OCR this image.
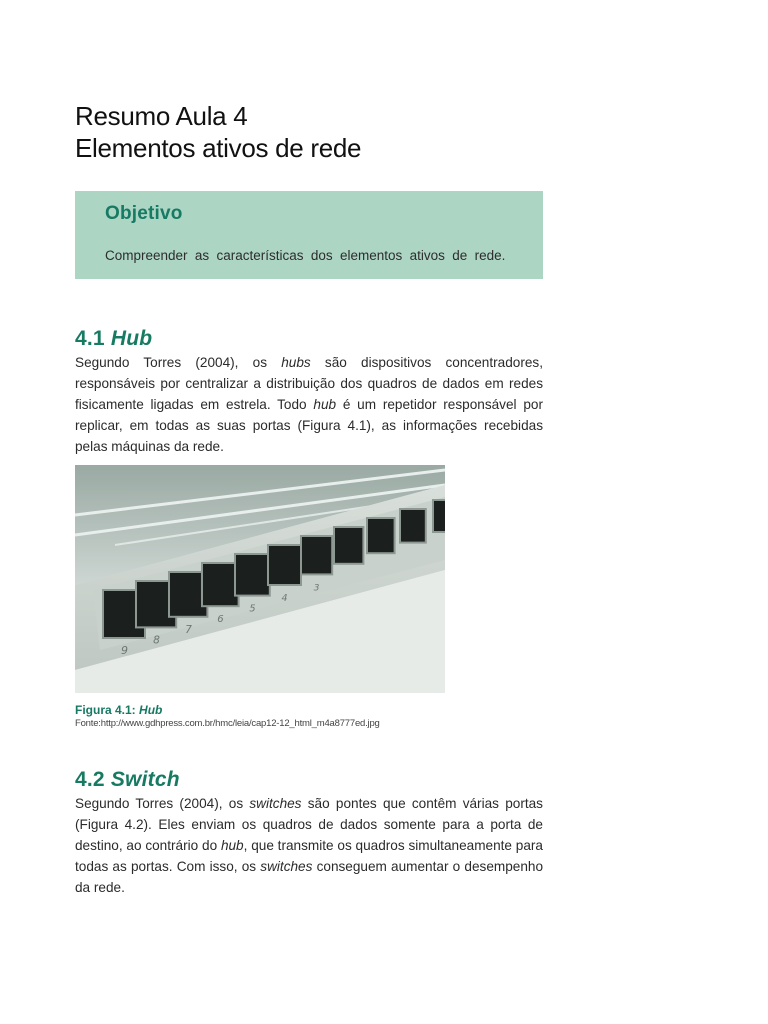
Resumo Aula 4
Elementos ativos de rede
Objetivo
Compreender as características dos elementos ativos de rede.
4.1 Hub
Segundo Torres (2004), os hubs são dispositivos concentradores, responsáveis por centralizar a distribuição dos quadros de dados em redes fisicamente ligadas em estrela. Todo hub é um repetidor responsável por replicar, em todas as suas portas (Figura 4.1), as informações recebidas pelas máquinas da rede.
9
8
7
6
5
4
3
Figura 4.1: Hub
Fonte:http://www.gdhpress.com.br/hmc/leia/cap12-12_html_m4a8777ed.jpg
4.2 Switch
Segundo Torres (2004), os switches são pontes que contêm várias portas (Figura 4.2). Eles enviam os quadros de dados somente para a porta de destino, ao contrário do hub, que transmite os quadros simultaneamente para todas as portas. Com isso, os switches conseguem aumentar o desempenho da rede.
